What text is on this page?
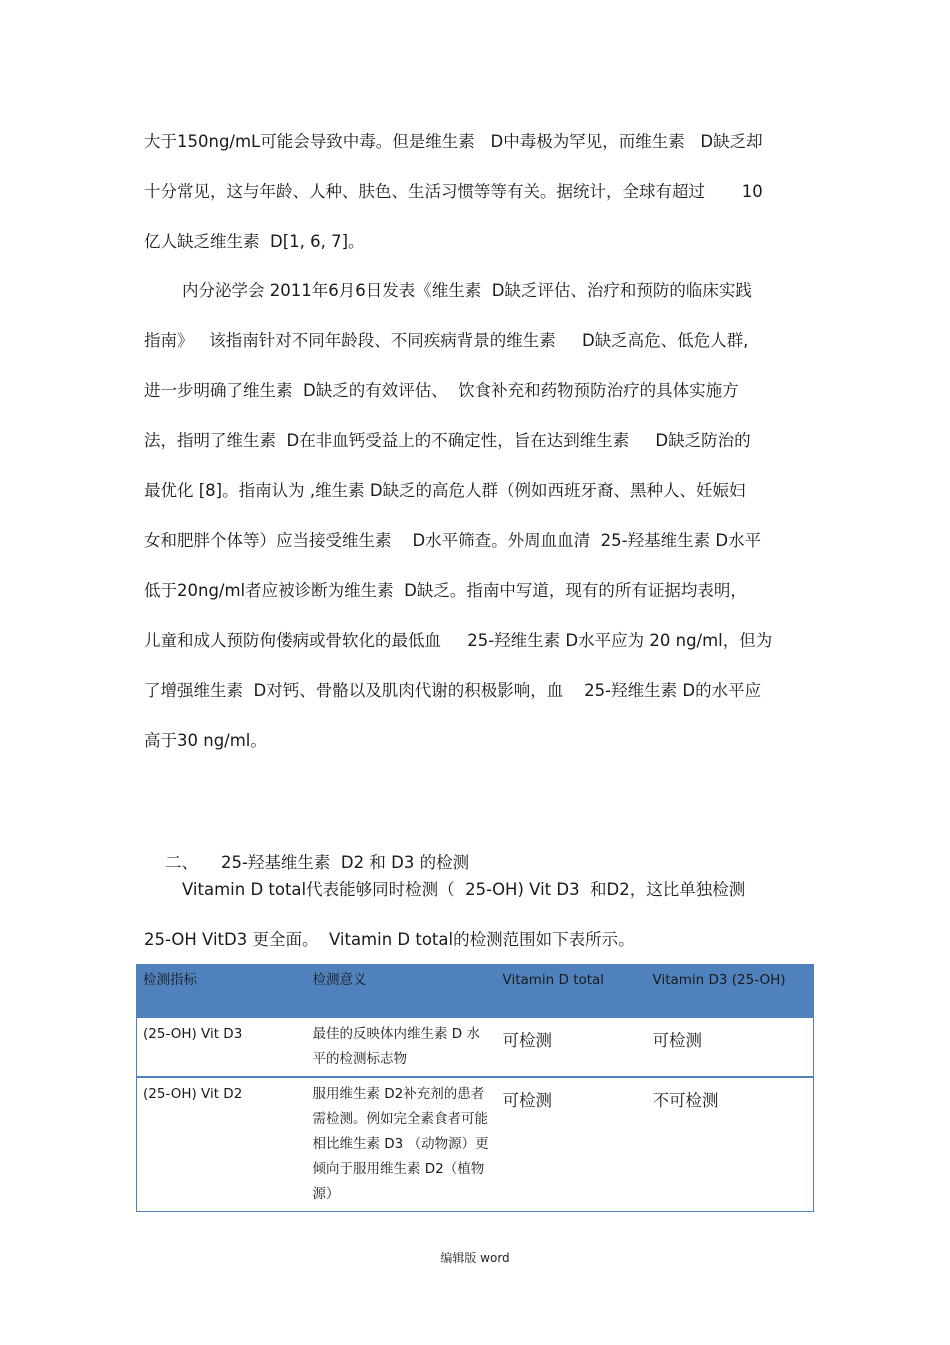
大于150ng/mL可能会导致中毒。但是维生素   D中毒极为罕见，而维生素   D缺乏却
十分常见，这与年龄、人种、肤色、生活习惯等等有关。据统计，全球有超过       10
亿人缺乏维生素  D[1, 6, 7]。
内分泌学会 2011年6月6日发表《维生素  D缺乏评估、治疗和预防的临床实践
指南》   该指南针对不同年龄段、不同疾病背景的维生素     D缺乏高危、低危人群,
进一步明确了维生素  D缺乏的有效评估、  饮食补充和药物预防治疗的具体实施方
法，指明了维生素  D在非血钙受益上的不确定性，旨在达到维生素     D缺乏防治的
最优化 [8]。指南认为 ,维生素 D缺乏的高危人群（例如西班牙裔、黑种人、妊娠妇
女和肥胖个体等）应当接受维生素    D水平筛查。外周血血清  25-羟基维生素 D水平
低于20ng/ml者应被诊断为维生素  D缺乏。指南中写道，现有的所有证据均表明，
儿童和成人预防佝偻病或骨软化的最低血     25-羟维生素 D水平应为 20 ng/ml，但为
了增强维生素  D对钙、骨骼以及肌肉代谢的积极影响，血    25-羟维生素 D的水平应
高于30 ng/ml。

二、 25-羟基维生素  D2 和 D3 的检测

Vitamin D total代表能够同时检测（  25-OH) Vit D3  和D2，这比单独检测
25-OH VitD3 更全面。  Vitamin D total的检测范围如下表所示。
检测指标	检测意义	Vitamin D total	Vitamin D3 (25-OH)
(25-OH) Vit D3	最佳的反映体内维生素 D 水平的检测标志物	可检测	可检测
(25-OH) Vit D2	服用维生素 D2补充剂的患者需检测。例如完全素食者可能相比维生素 D3 （动物源）更倾向于服用维生素 D2（植物源）	可检测	不可检测
编辑版 word
